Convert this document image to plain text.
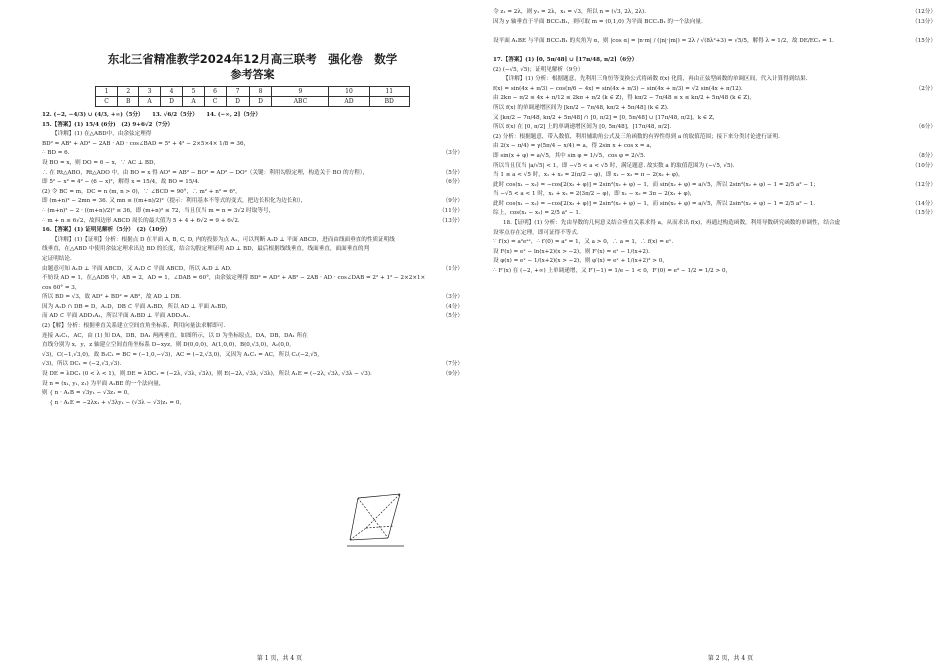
东北三省精准教学2024年12月高三联考　强化卷　数学
参考答案
1	2	3	4	5	6	7	8	9	10	11
C	B	A	D	A	C	D	D	ABC	AD	BD
12. (−2, −4/3) ∪ (4/3, +∞)（5分）　　13. √6/2（5分）　　14. (−∞, 2]（5分）
15.【答案】(1) 15/4 (6分)　(2) 9+6√2（7分）
【详解】(1) 在△ABD中，由余弦定理得
BD² = AB² + AD² − 2AB · AD · cos∠BAD = 5² + 4² − 2×5×4× 1/8 = 36，
∴ BD = 6.	（3分）
设 BO = x，则 DO = 6 − x，∵ AC ⊥ BD，
∴ 在 Rt△ABO，Rt△ADO 中，由 BO = x 得 AO² = AB² − BO² = AD² − DO²（关键：利用勾股定理，构造关于 BO 的方程），	（5分）
即 5² − x² = 4² − (6 − x)²，解得 x = 15/4，故 BO = 15/4.	（6分）
(2) 令 BC = m，DC = n (m, n > 0)，∵ ∠BCD = 90°，∴ m² + n² = 6²，
即 (m+n)² − 2mn = 36. 又 mn ≤ ((m+n)/2)²（提示：利用基本不等式的变式，把边长积化为边长和），	（9分）
∴ (m+n)² − 2 · ((m+n)/2)² ≤ 36，即 (m+n)² ≤ 72，当且仅当 m = n = 3√2 时取等号，	（11分）
∴ m + n ≤ 6√2，故四边形 ABCD 周长的最大值为 5 + 4 + 6√2 = 9 + 6√2.	（13分）
16.【答案】(1) 证明见解析（5分）　(2)（10分）
【详解】(1)【证明】分析：根据点 D 在平面 A, B, C, D, 内的投影为点 A₁，可以判断 A₁D ⊥ 平面 ABCD，进而由线面垂直的性质证明线
线垂直，在△ABD 中使用余弦定理求出边 BD 的长度，结合勾股定理证明 AD ⊥ BD，最后根据线线垂直，线面垂直，面面垂直的判
定证明结论.
由题意可知 A₁D ⊥ 平面 ABCD，又 A₁D ⊂ 平面 ABCD，所以 A₁D ⊥ AD.	（1分）
不妨设 AD = 1，在△ADB 中，AB = 2，AD = 1，∠DAB = 60°，由余弦定理得 BD² = AD² + AB² − 2AB · AD · cos∠DAB = 2² + 1² − 2×2×1×
cos 60° = 3，
所以 BD = √3，故 AD² + BD² = AB²，故 AD ⊥ DB.	（3分）
因为 A₁D ∩ DB = D，A₁D，DB ⊂ 平面 A₁BD，所以 AD ⊥ 平面 A₁BD，	（4分）
而 AD ⊂ 平面 ADD₁A₁，所以平面 A₁BD ⊥ 平面 ADD₁A₁.	（5分）
(2)【解】分析：根据垂直关系建立空间直角坐标系，利用向量法求解即可.
连接 A₁C₁，AC，由 (1) 知 DA，DB，DA₁ 两两垂直，如图所示，以 D 为坐标原点，DA，DB，DA₁ 所在
直线分别为 x，y，z 轴建立空间直角坐标系 D−xyz，则 D(0,0,0)，A(1,0,0)，B(0,√3,0)，A₁(0,0,
√3)，C(−1,√3,0)，故 B₁C₁ = BC = (−1,0,−√3)，AC = (−2,√3,0)，又因为 A₁C₁ = AC，所以 C₁(−2,√5,
√3)，所以 DC₁ = (−2,√3,√3).	（7分）
设 DE = λDC₁ (0 < λ < 1)，则 DE = λDC₁ = (−2λ, √3λ, √3λ)，则 E(−2λ, √3λ, √3λ)，所以 A₁E = (−2λ, √3λ, √3λ − √3).	（9分）
设 n = (x₁, y₁, z₁) 为平面 A₁BE 的一个法向量，
则 { n · A₁B = √3y₁ − √3z₁ = 0，
　 { n · A₁E = −2λx₁ + √3λy₁ − (√3λ − √3)z₁ = 0，
第 1 页，共 4 页
令 z₁ = 2λ，则 y₁ = 2λ，x₁ = √3，所以 n = (√3, 2λ, 2λ).	（12分）
因为 y 轴垂直于平面 BCC₁B₁，则可取 m = (0,1,0) 为平面 BCC₁B₁ 的一个法向量.	（13分）
设平面 A₁BE 与平面 BCC₁B₁ 的夹角为 α，则 |cos α| = |n·m| / (|n|·|m|) = 2λ / √(8λ²+3) = √5/5，解得 λ = 1/2，故 DE/EC₁ = 1.	（15分）
17.【答案】(1) [0, 5π/48] ∪ [17π/48, π/2]（6分）
(2) (−√5, √5)；证明见解析（9分）
【详解】(1) 分析：根据题意，先利用三角恒等变换公式将函数 f(x) 化简，再由正弦型函数的单调区间，代入计算得到结果.
f(x) = sin(4x + π/3) − cos(π/6 − 4x) = sin(4x + π/3) − sin(4x + π/3) = √2 sin(4x + π/12).	（2分）
由 2kπ − π/2 ≤ 4x + π/12 ≤ 2kπ + π/2 (k ∈ Z)，得 kπ/2 − 7π/48 ≤ x ≤ kπ/2 + 5π/48 (k ∈ Z)，
所以 f(x) 的单调递增区间为 [kπ/2 − 7π/48, kπ/2 + 5π/48] (k ∈ Z).
又 [kπ/2 − 7π/48, kπ/2 + 5π/48] ∩ [0, π/2] = [0, 5π/48] ∪ [17π/48, π/2]，k ∈ Z，
所以 f(x) 在 [0, π/2] 上的单调递增区间为 [0, 5π/48]，[17π/48, π/2].	（6分）
(2) 分析：根据题意，带入数值，利用辅助角公式及三角函数的有界性得到 a 的取值范围；接下来分类讨论进行证明.
由 2(x − π/4) = γ(5π/4 − x/4) = a，得 2sin x + cos x = a，
即 sin(x + φ) = a/√5，其中 sin φ = 1/√5，cos φ = 2/√5.	（8分）
所以当且仅当 |a/√5| < 1，即 −√5 < a < √5 时，满足题意. 故实数 a 的取值范围为 (−√5, √5).	（10分）
当 1 ≤ a < √5 时，x₁ + x₂ = 2(π/2 − φ)，即 x₁ − x₂ = π − 2(x₂ + φ)，
此时 cos(x₁ − x₂) = −cos[2(x₂ + φ)] = 2sin²(x₂ + φ) − 1，而 sin(x₂ + φ) = a/√5，所以 2sin²(x₂ + φ) − 1 = 2/5 a² − 1；	（12分）
当 −√5 < a < 1 时，x₁ + x₂ = 2(3π/2 − φ)，即 x₁ − x₂ = 3π − 2(x₂ + φ)，
此时 cos(x₁ − x₂) = −cos[2(x₂ + φ)] = 2sin²(x₂ + φ) − 1，而 sin(x₂ + φ) = a/√5，所以 2sin²(x₂ + φ) − 1 = 2/5 a² − 1.	（14分）
综上，cos(x₁ − x₂) = 2/5 a² − 1.	（15分）
18.【证明】(1) 分析：先由导数的几何意义结合垂直关系求得 a，从而求出 f(x)，再通过构造函数，利用导数研究函数的单调性，结合虚
设零点存在定理，即可证得不等式.
∵ f′(x) = a²eᵃˣ，∴ f′(0) = a² = 1，又 a > 0，∴ a = 1，∴ f(x) = eˣ.
设 F(x) = eˣ − ln(x+2)(x > −2)，则 F′(x) = eˣ − 1/(x+2).
设 φ(x) = eˣ − 1/(x+2)(x > −2)，则 φ′(x) = eˣ + 1/(x+2)² > 0，
∴ F′(x) 在 (−2, +∞) 上单调递增，又 F′(−1) = 1/e − 1 < 0，F′(0) = e⁰ − 1/2 = 1/2 > 0，
第 2 页，共 4 页
